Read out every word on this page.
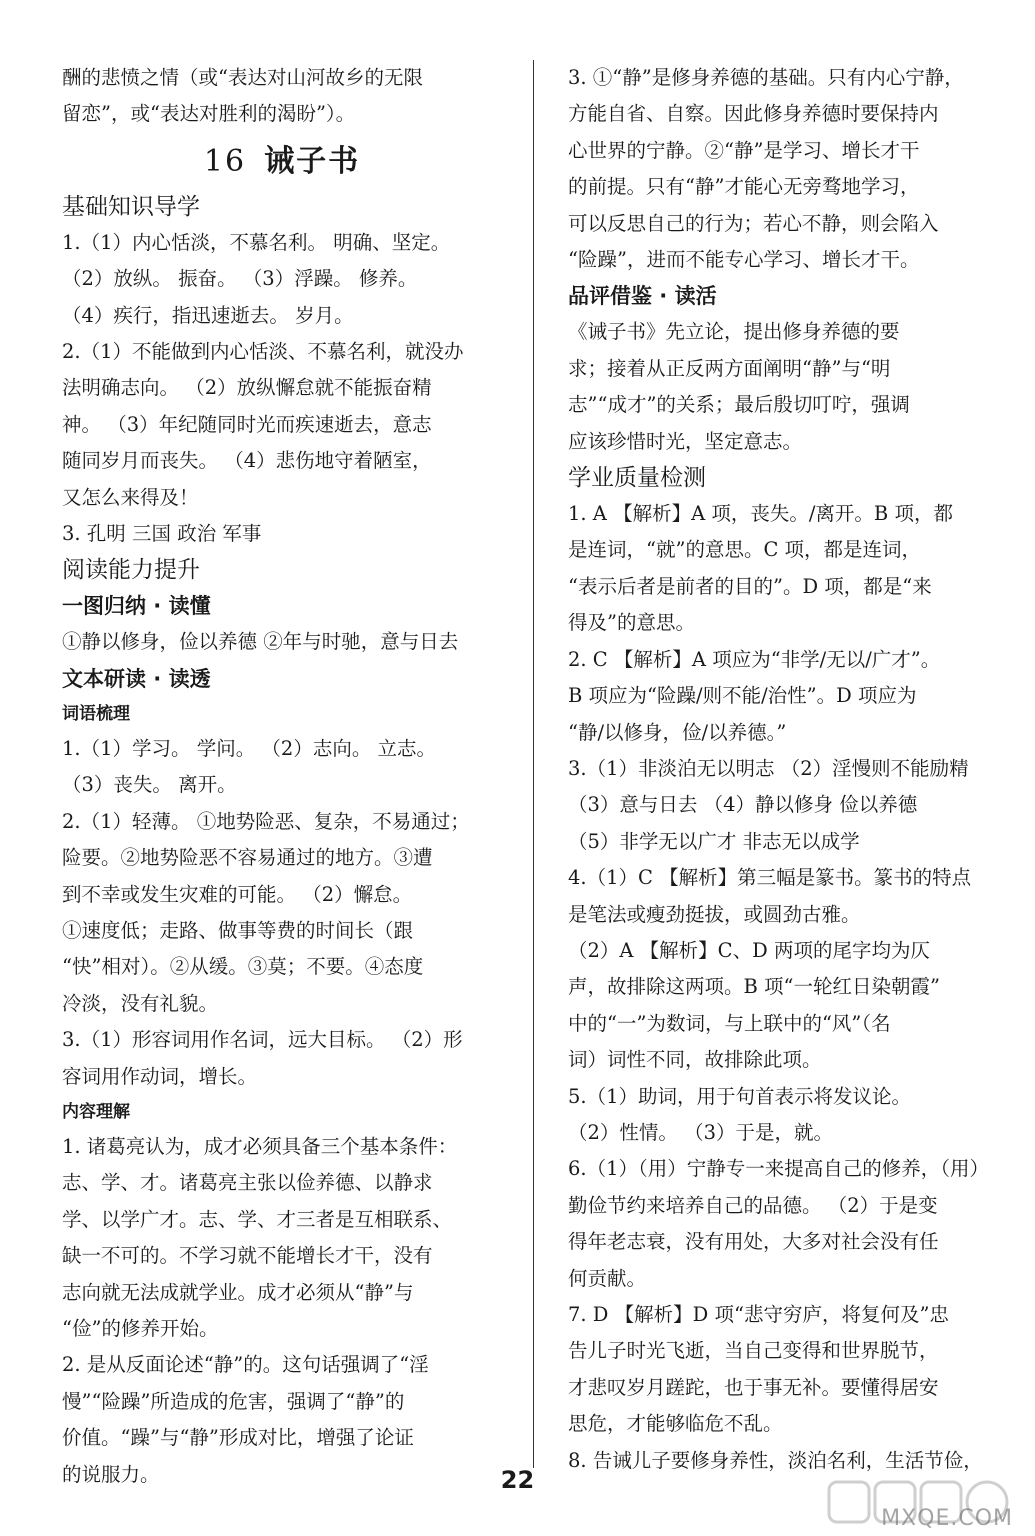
酬的悲愤之情（或“表达对山河故乡的无限
留恋”，或“表达对胜利的渴盼”）。
16 诫子书
基础知识导学
1.（1）内心恬淡，不慕名利。 明确、坚定。
（2）放纵。 振奋。 （3）浮躁。 修养。
（4）疾行，指迅速逝去。 岁月。
2.（1）不能做到内心恬淡、不慕名利，就没办
法明确志向。 （2）放纵懈怠就不能振奋精
神。 （3）年纪随同时光而疾速逝去，意志
随同岁月而丧失。 （4）悲伤地守着陋室，
又怎么来得及！
3. 孔明 三国 政治 军事
阅读能力提升
一图归纳 · 读懂
①静以修身，俭以养德 ②年与时驰，意与日去
文本研读 · 读透
词语梳理
1.（1）学习。 学问。 （2）志向。 立志。
（3）丧失。 离开。
2.（1）轻薄。 ①地势险恶、复杂，不易通过；
险要。②地势险恶不容易通过的地方。③遭
到不幸或发生灾难的可能。 （2）懈怠。
①速度低；走路、做事等费的时间长（跟
“快”相对）。②从缓。③莫；不要。④态度
冷淡，没有礼貌。
3.（1）形容词用作名词，远大目标。 （2）形
容词用作动词，增长。
内容理解
1. 诸葛亮认为，成才必须具备三个基本条件：
志、学、才。诸葛亮主张以俭养德、以静求
学、以学广才。志、学、才三者是互相联系、
缺一不可的。不学习就不能增长才干，没有
志向就无法成就学业。成才必须从“静”与
“俭”的修养开始。
2. 是从反面论述“静”的。这句话强调了“淫
慢”“险躁”所造成的危害，强调了“静”的
价值。“躁”与“静”形成对比，增强了论证
的说服力。
3. ①“静”是修身养德的基础。只有内心宁静，
方能自省、自察。因此修身养德时要保持内
心世界的宁静。②“静”是学习、增长才干
的前提。只有“静”才能心无旁骛地学习，
可以反思自己的行为；若心不静，则会陷入
“险躁”，进而不能专心学习、增长才干。
品评借鉴 · 读活
《诫子书》先立论，提出修身养德的要
求；接着从正反两方面阐明“静”与“明
志”“成才”的关系；最后殷切叮咛，强调
应该珍惜时光，坚定意志。
学业质量检测
1. A 【解析】A 项，丧失。/离开。B 项，都
是连词，“就”的意思。C 项，都是连词，
“表示后者是前者的目的”。D 项，都是“来
得及”的意思。
2. C 【解析】A 项应为“非学/无以/广才”。
B 项应为“险躁/则不能/治性”。D 项应为
“静/以修身，俭/以养德。”
3.（1）非淡泊无以明志 （2）淫慢则不能励精
（3）意与日去 （4）静以修身 俭以养德
（5）非学无以广才 非志无以成学
4.（1）C 【解析】第三幅是篆书。篆书的特点
是笔法或瘦劲挺拔，或圆劲古雅。
（2）A 【解析】C、D 两项的尾字均为仄
声，故排除这两项。B 项“一轮红日染朝霞”
中的“一”为数词，与上联中的“风”（名
词）词性不同，故排除此项。
5.（1）助词，用于句首表示将发议论。
（2）性情。 （3）于是，就。
6.（1）（用）宁静专一来提高自己的修养，（用）
勤俭节约来培养自己的品德。 （2）于是变
得年老志衰，没有用处，大多对社会没有任
何贡献。
7. D 【解析】D 项“悲守穷庐，将复何及”忠
告儿子时光飞逝，当自己变得和世界脱节，
才悲叹岁月蹉跎，也于事无补。要懂得居安
思危，才能够临危不乱。
8. 告诫儿子要修身养性，淡泊名利，生活节俭，
22
MXQE.COM
